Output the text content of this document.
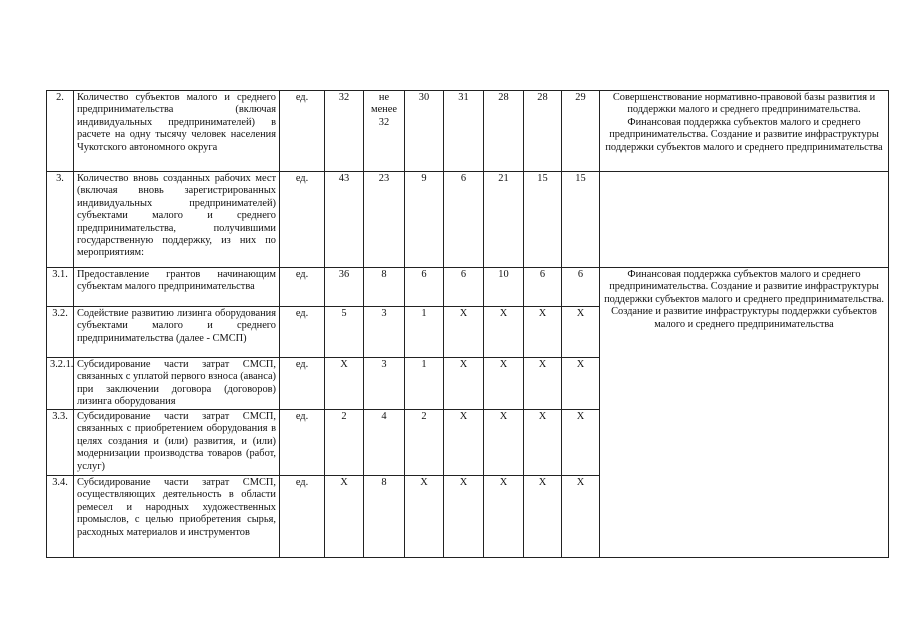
2.	Количество субъектов малого и среднего предпринимательства (включая индивидуальных предпринимателей) в расчете на одну тысячу человек населения Чукотского автономного округа	ед.	32	не менее 32	30	31	28	28	29	Совершенствование нормативно-правовой базы развития и поддержки малого и среднего предпринимательства. Финансовая поддержка субъектов малого и среднего предпринимательства. Создание и развитие инфраструктуры поддержки субъектов малого и среднего предпринимательства	
3.	Количество вновь созданных рабочих мест (включая вновь зарегистрированных индивидуальных предпринимателей) субъектами малого и среднего предпринимательства, получившими государственную поддержку, из них по мероприятиям:	ед.	43	23	9	6	21	15	15		
3.1.	Предоставление грантов начинающим субъектам малого предпринимательства	ед.	36	8	6	6	10	6	6	Финансовая поддержка субъектов малого и среднего предпринимательства. Создание и развитие инфраструктуры поддержки субъектов малого и среднего предпринимательства. Создание и развитие инфраструктуры поддержки субъектов малого и среднего предпринимательства	
3.2.	Содействие развитию лизинга оборудования субъектами малого и среднего предпринимательства (далее - СМСП)	ед.	5	3	1	Х	Х	Х	Х		
3.2.1.	Субсидирование части затрат СМСП, связанных с уплатой первого взноса (аванса) при заключении договора (договоров) лизинга оборудования	ед.	Х	3	1	Х	Х	Х	Х		
3.3.	Субсидирование части затрат СМСП, связанных с приобретением оборудования в целях создания и (или) развития, и (или) модернизации производства товаров (работ, услуг)	ед.	2	4	2	Х	Х	Х	Х		
3.4.	Субсидирование части затрат СМСП, осуществляющих деятельность в области ремесел и народных художественных промыслов, с целью приобретения сырья, расходных материалов и инструментов	ед.	Х	8	Х	Х	Х	Х	Х		
